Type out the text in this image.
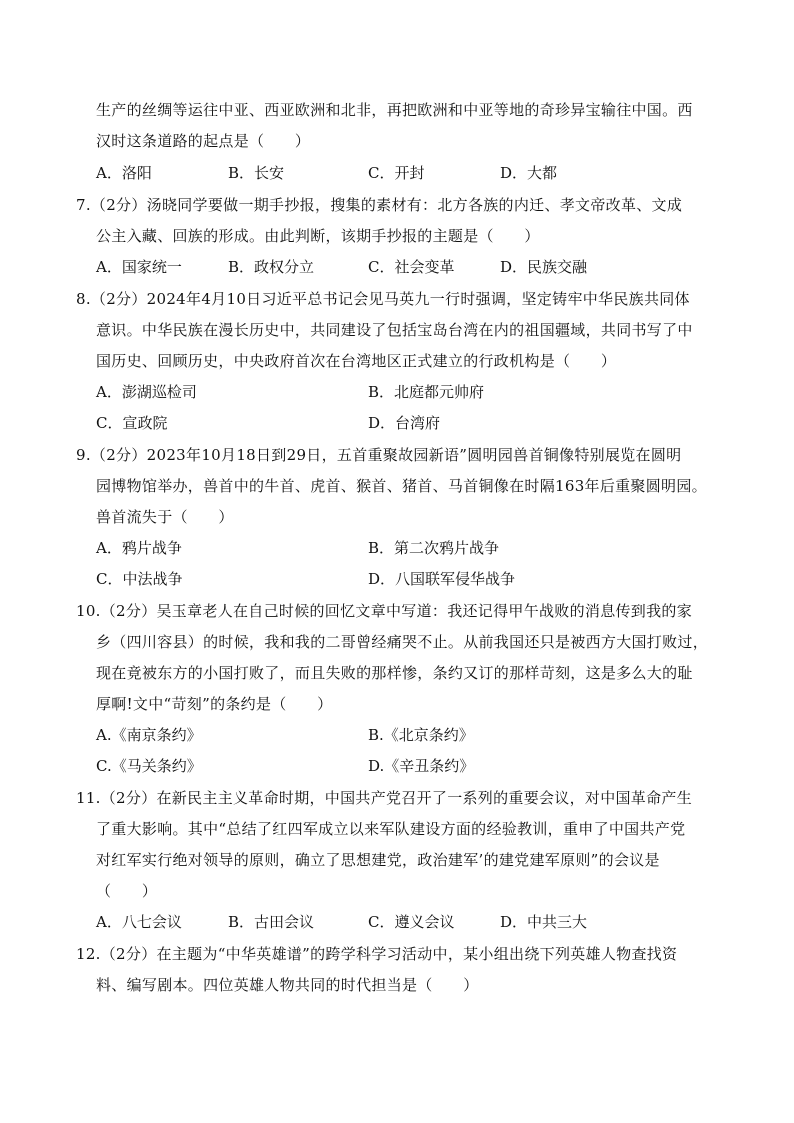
生产的丝绸等运往中亚、西亚欧洲和北非，再把欧洲和中亚等地的奇珍异宝输往中国。西
汉时这条道路的起点是（　　）
A．洛阳	B．长安	C．开封	D．大都
7.（2分）汤晓同学要做一期手抄报，搜集的素材有：北方各族的内迁、孝文帝改革、文成
公主入藏、回族的形成。由此判断，该期手抄报的主题是（　　）
A．国家统一	B．政权分立	C．社会变革	D．民族交融
8.（2分）2024年4月10日习近平总书记会见马英九一行时强调，坚定铸牢中华民族共同体
意识。中华民族在漫长历史中，共同建设了包括宝岛台湾在内的祖国疆域，共同书写了中
国历史、回顾历史，中央政府首次在台湾地区正式建立的行政机构是（　　）
A．澎湖巡检司	B．北庭都元帅府
C．宣政院	D．台湾府
9.（2分）2023年10月18日到29日，五首重聚故园新语”圆明园兽首铜像特别展览在圆明
园博物馆举办，兽首中的牛首、虎首、猴首、猪首、马首铜像在时隔163年后重聚圆明园。
兽首流失于（　　）
A．鸦片战争	B．第二次鸦片战争
C．中法战争	D．八国联军侵华战争
10.（2分）吴玉章老人在自己时候的回忆文章中写道：我还记得甲午战败的消息传到我的家
乡（四川容县）的时候，我和我的二哥曾经痛哭不止。从前我国还只是被西方大国打败过，
现在竟被东方的小国打败了，而且失败的那样惨，条约又订的那样苛刻，这是多么大的耻
厚啊!文中“苛刻”的条约是（　　）
A.《南京条约》	B.《北京条约》
C.《马关条约》	D.《辛丑条约》
11.（2分）在新民主主义革命时期，中国共产党召开了一系列的重要会议，对中国革命产生
了重大影响。其中“总结了红四军成立以来军队建设方面的经验教训，重申了中国共产党
对红军实行绝对领导的原则，确立了思想建党，政治建军’的建党建军原则”的会议是
（　　）
A．八七会议	B．古田会议	C．遵义会议	D．中共三大
12.（2分）在主题为“中华英雄谱”的跨学科学习活动中，某小组出绕下列英雄人物查找资
料、编写剧本。四位英雄人物共同的时代担当是（　　）
